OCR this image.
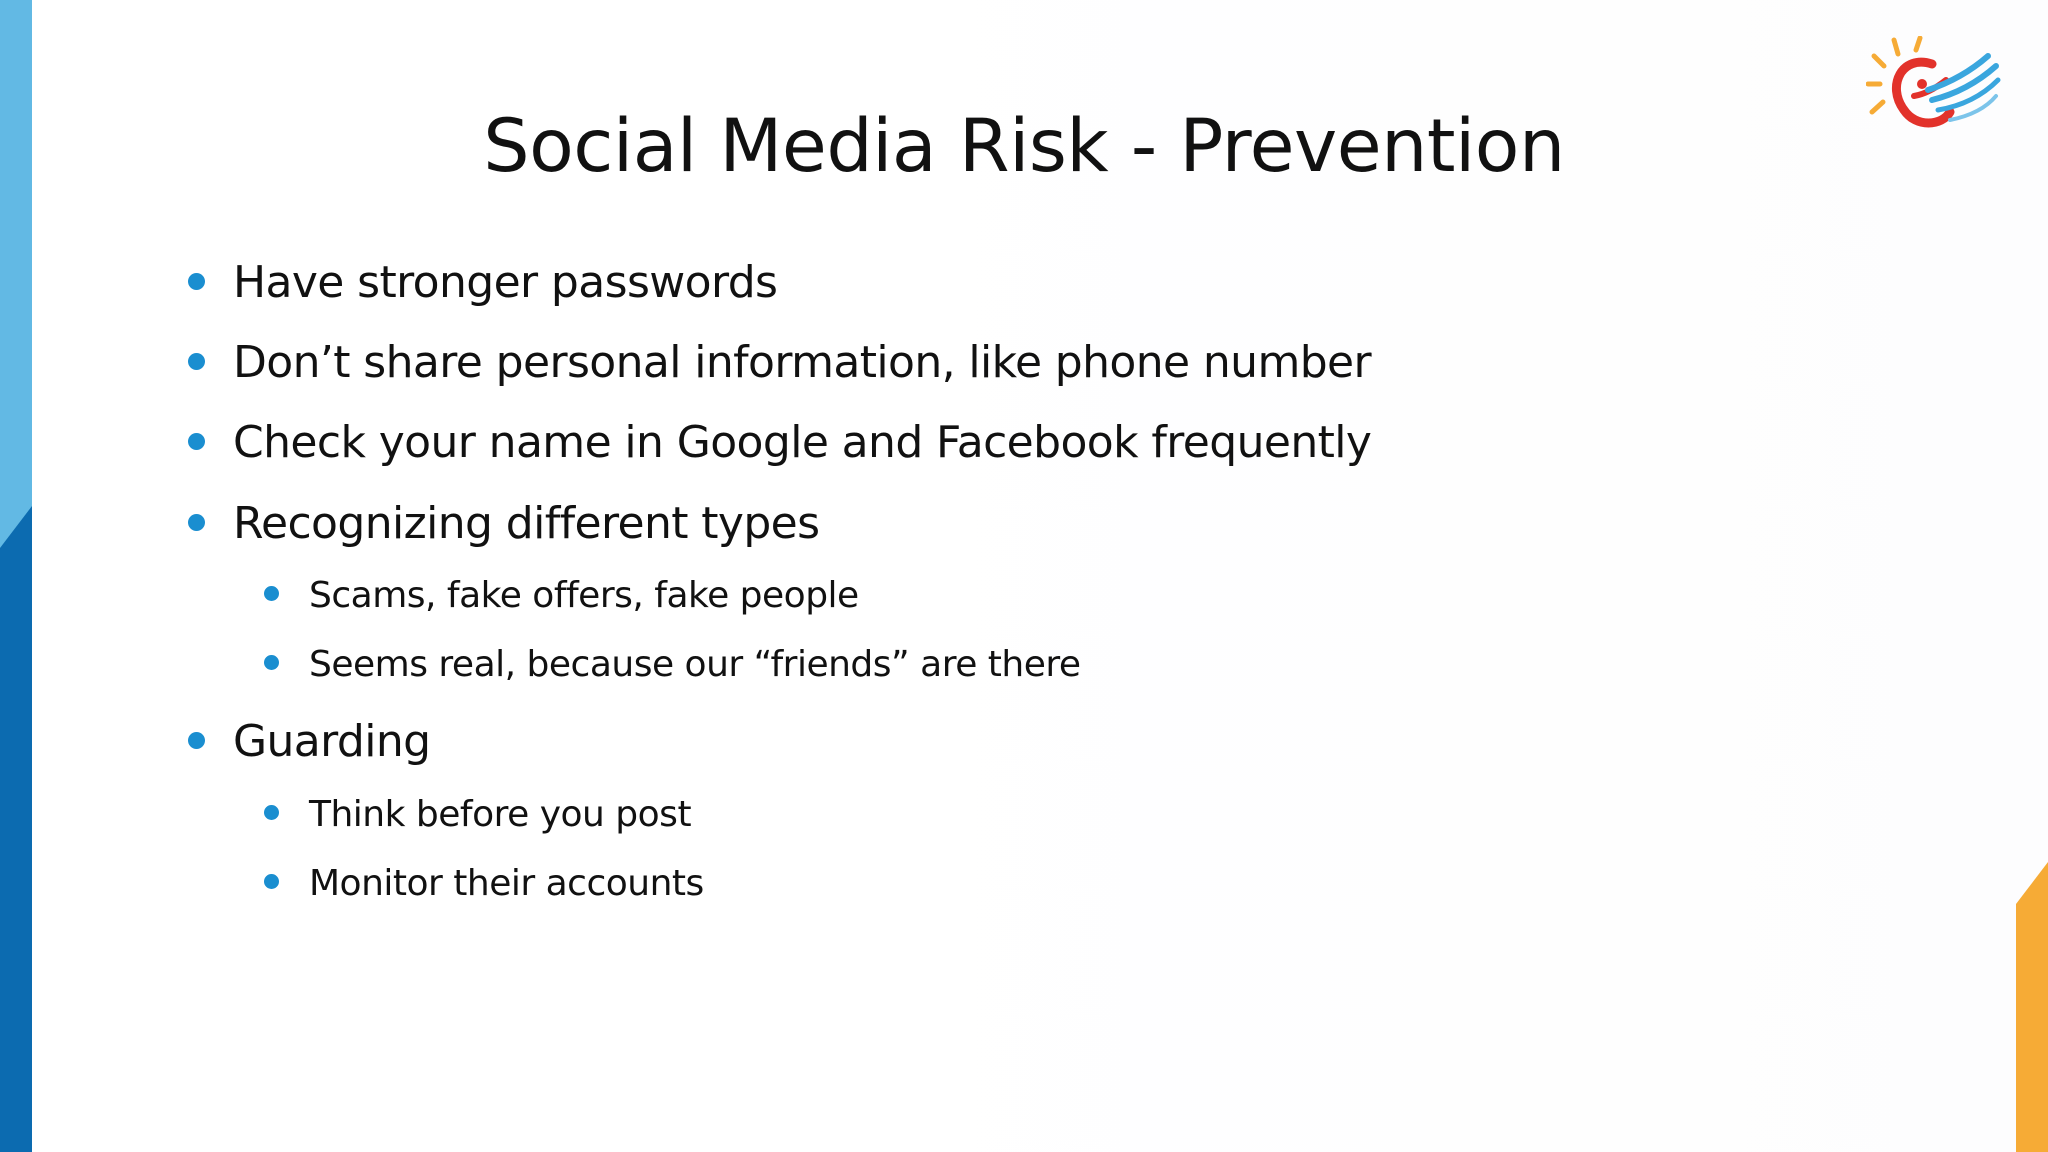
Social Media Risk - Prevention
Have stronger passwords
Don’t share personal information, like phone number
Check your name in Google and Facebook frequently
Recognizing different types
Scams, fake offers, fake people
Seems real, because our “friends” are there
Guarding
Think before you post
Monitor their accounts
